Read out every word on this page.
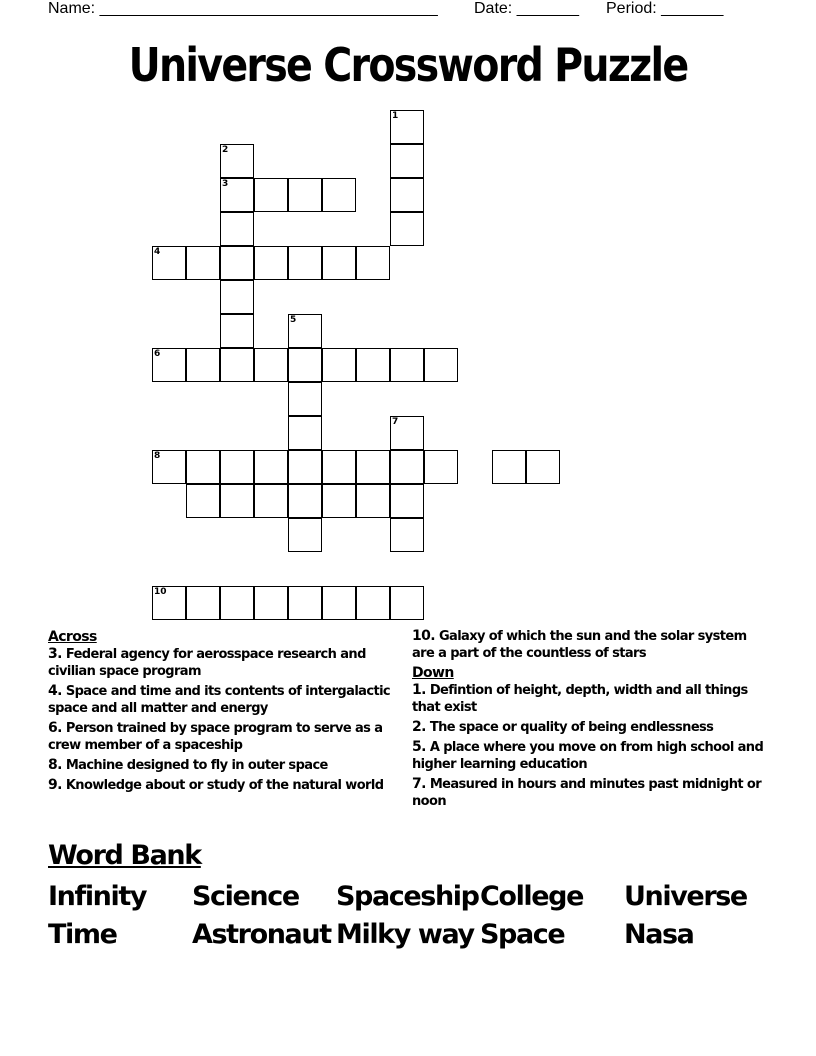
Name: ______________________________________ Date: _______ Period: _______
Universe Crossword Puzzle
1
2
3
4
5
6
7
8
10
Across
3. Federal agency for aerosspace research and civilian space program
4. Space and time and its contents of intergalactic space and all matter and energy
6. Person trained by space program to serve as a crew member of a spaceship
8. Machine designed to fly in outer space
9. Knowledge about or study of the natural world
10. Galaxy of which the sun and the solar system are a part of the countless of stars
Down
1. Defintion of height, depth, width and all things that exist
2. The space or quality of being endlessness
5. A place where you move on from high school and higher learning education
7. Measured in hours and minutes past midnight or noon
Word Bank
Infinity	Science	Spaceship College	Universe
Time	Astronaut Milky way Space	Nasa
